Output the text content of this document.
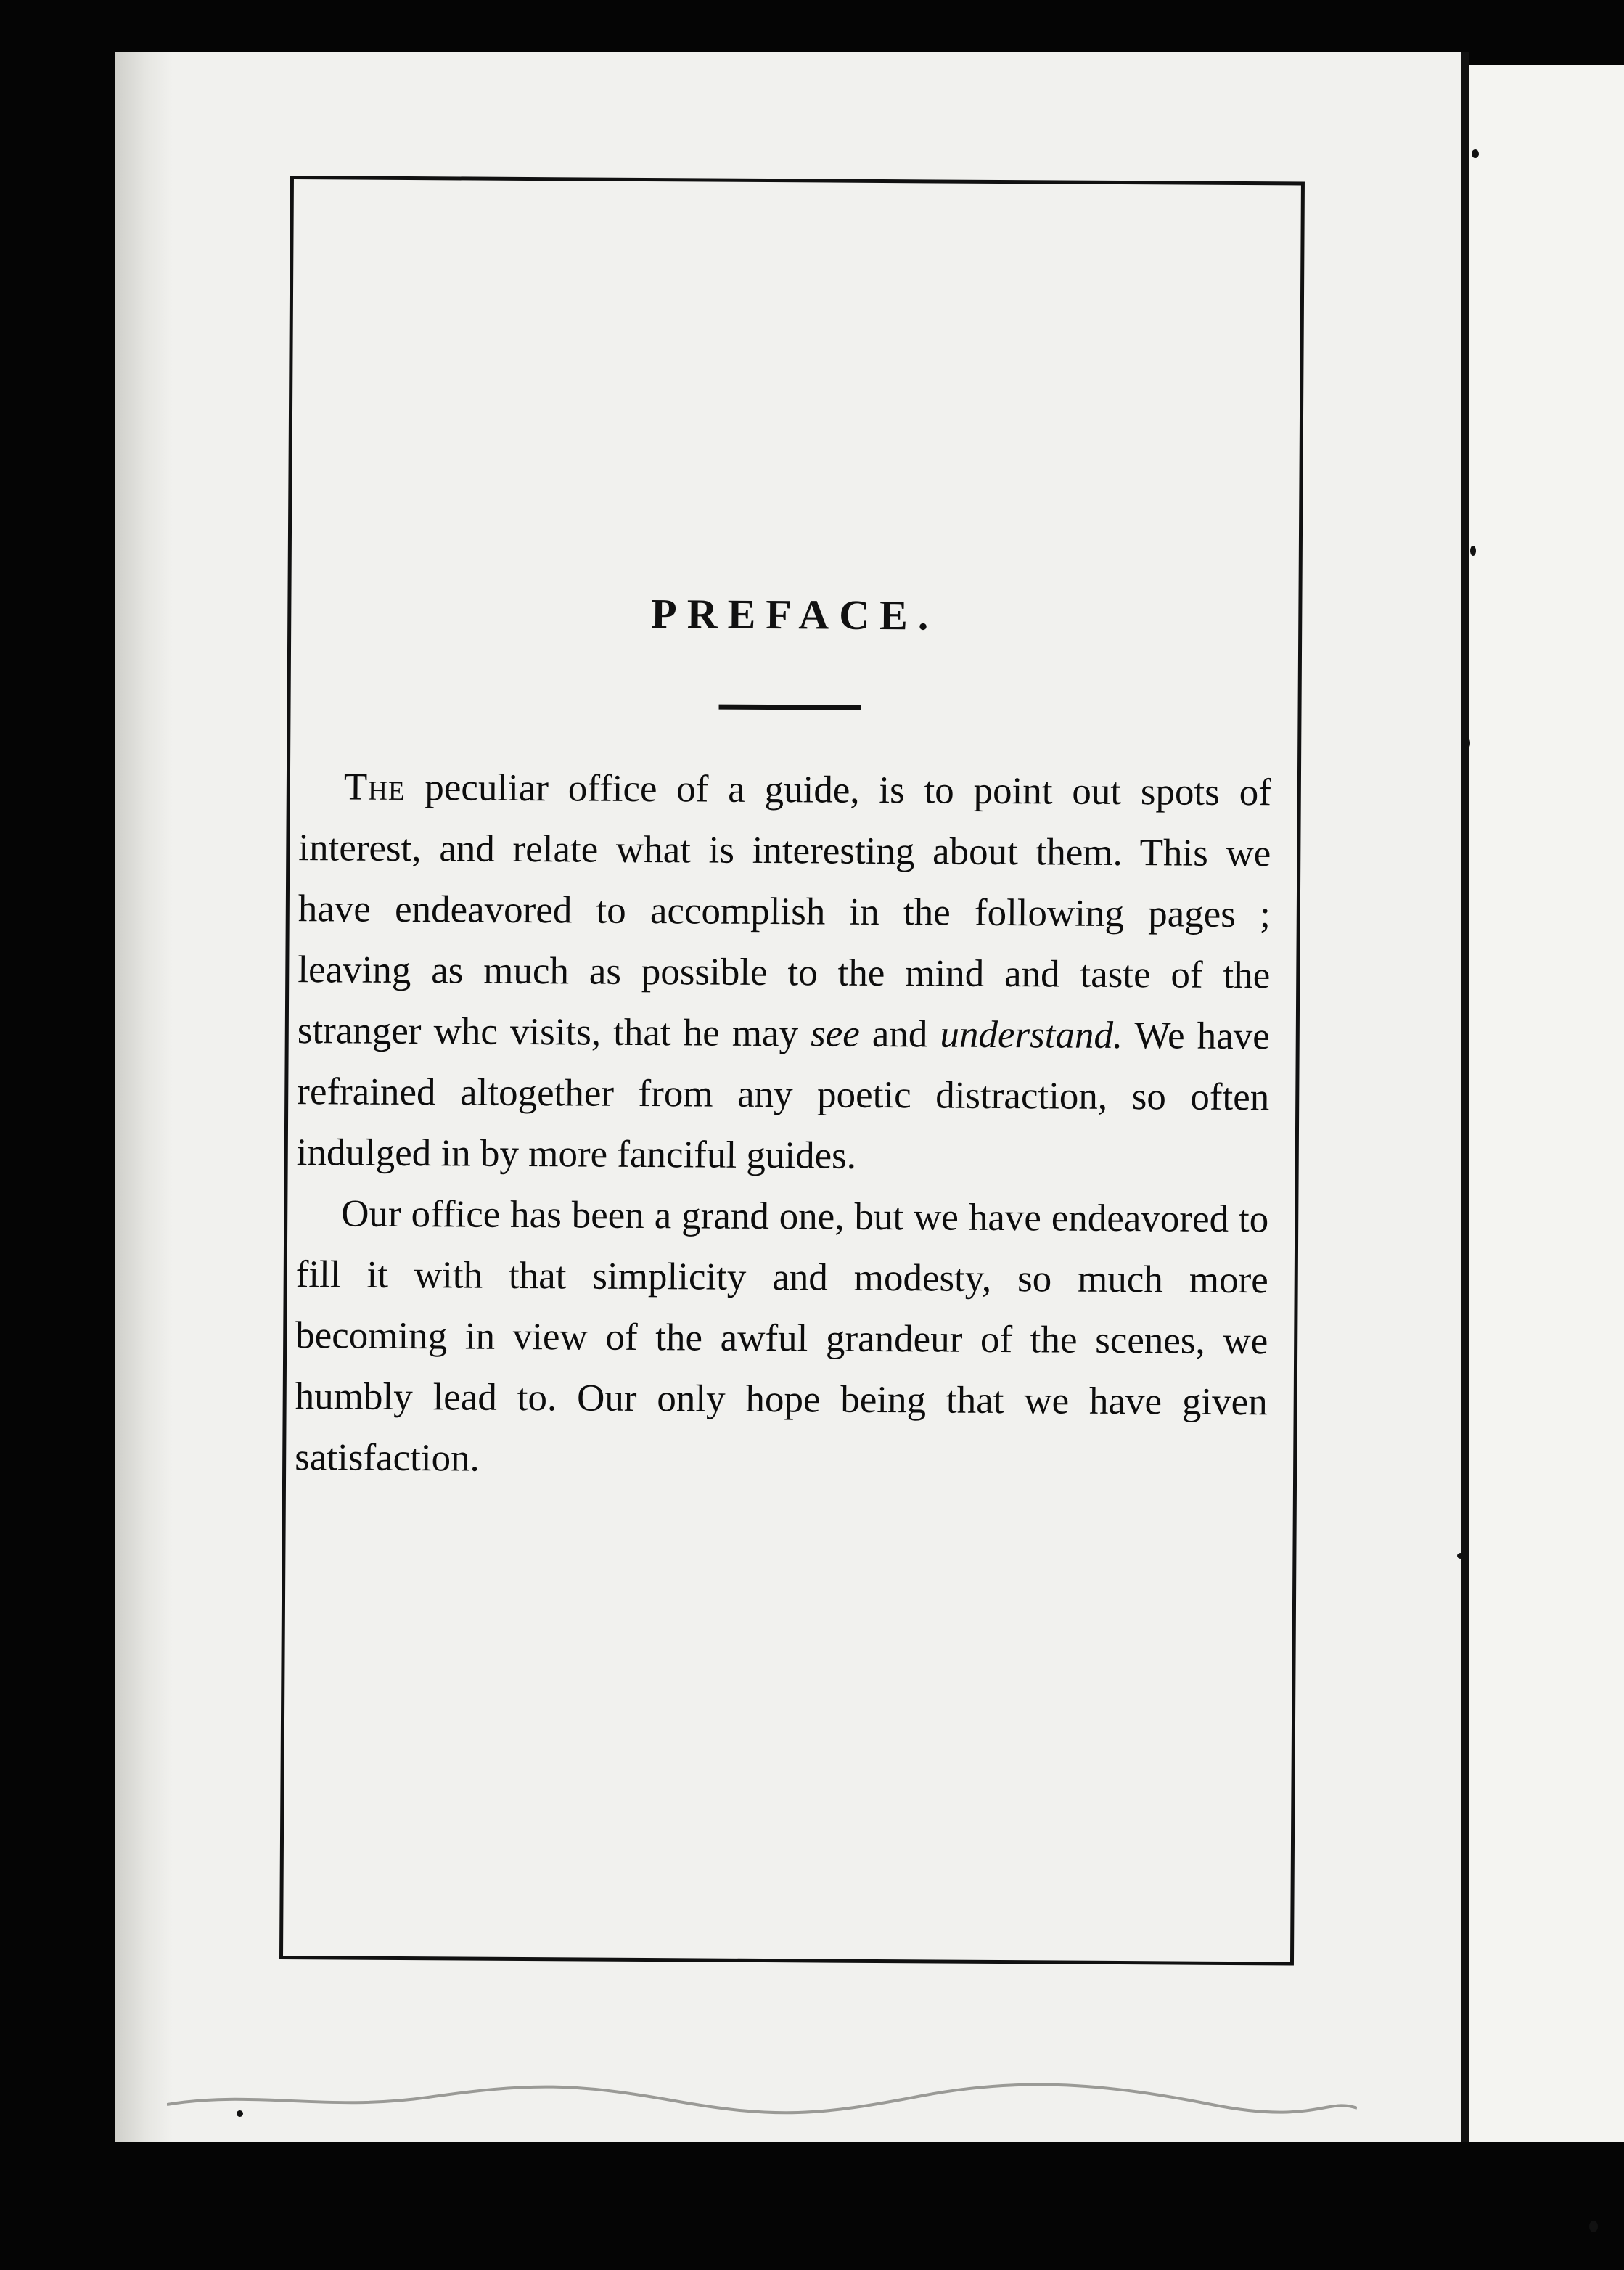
PREFACE.

The peculiar office of a guide, is to point out spots of interest, and relate what is interesting about them. This we have endeavored to accomplish in the following pages ; leaving as much as possible to the mind and taste of the stranger whc visits, that he may see and understand. We have refrained altogether from any poetic distraction, so often indulged in by more fanciful guides.

Our office has been a grand one, but we have endeavored to fill it with that simplicity and modesty, so much more becoming in view of the awful grandeur of the scenes, we humbly lead to. Our only hope being that we have given satisfaction.
